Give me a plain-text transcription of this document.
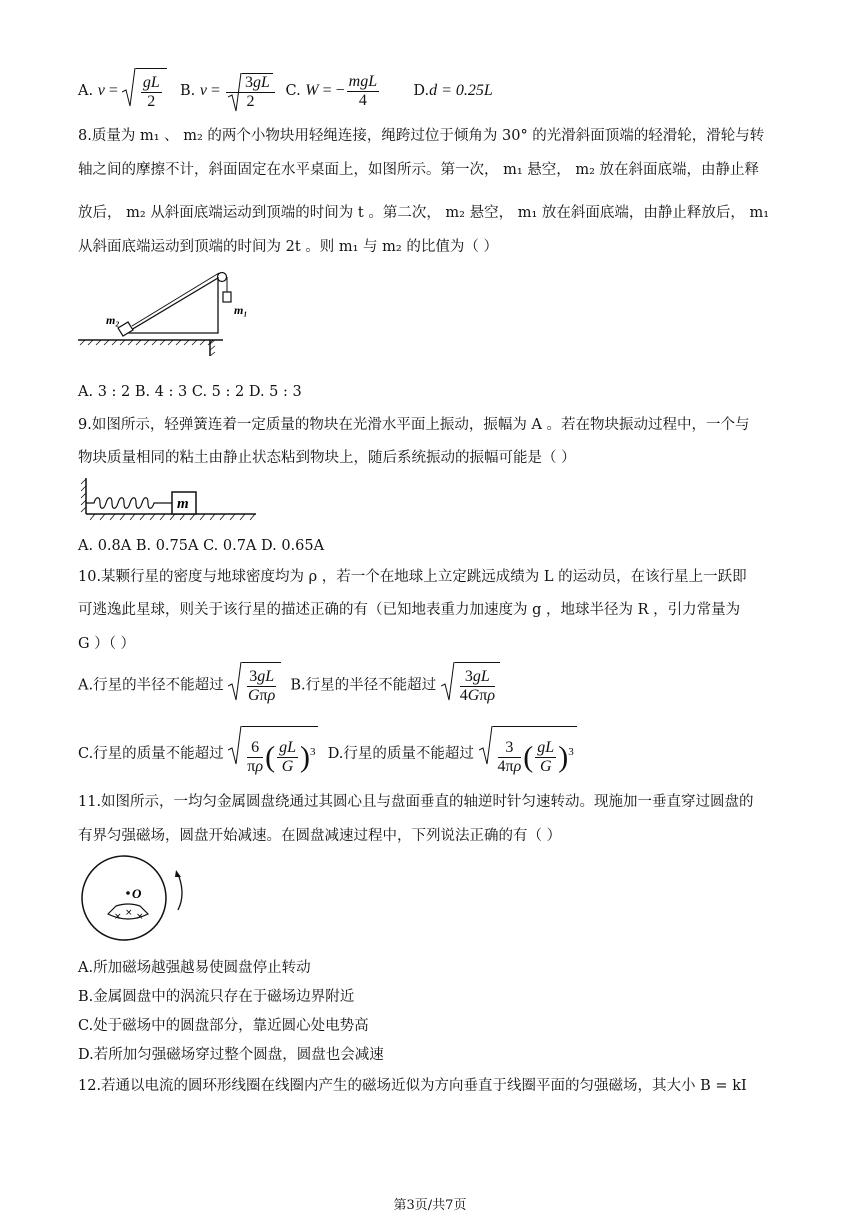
A. $v = \frac{gL}{2} B$. $v = \frac{3gL}{2} C$. W = − $\frac{\text{mgL}}{4} D.d = 0.25L$
8.质量为 m₁ 、 m₂ 的两个小物块用轻绳连接，绳跨过位于倾角为 30° 的光滑斜面顶端的轻滑轮，滑轮与转
轴之间的摩擦不计，斜面固定在水平桌面上，如图所示。第一次， m₁ 悬空， m₂ 放在斜面底端，由静止释
放后， m₂ 从斜面底端运动到顶端的时间为 t 。第二次， m₂ 悬空， m₁ 放在斜面底端，由静止释放后， m₁
从斜面底端运动到顶端的时间为 2t 。则 m₁ 与 m₂ 的比值为（ ）
m₂
m₁
A. 3 : 2 B. 4 : 3 C. 5 : 2 D. 5 : 3
9.如图所示，轻弹簧连着一定质量的物块在光滑水平面上振动，振幅为 A 。若在物块振动过程中，一个与
物块质量相同的粘土由静止状态粘到物块上，随后系统振动的振幅可能是（ ）
m
A. 0.8A B. 0.75A C. 0.7A D. 0.65A
10.某颗行星的密度与地球密度均为 ρ ，若一个在地球上立定跳远成绩为 L 的运动员，在该行星上一跃即
可逃逸此星球，则关于该行星的描述正确的有（已知地表重力加速度为 g ，地球半径为 R ，引力常量为
G ）（ ）
A.行星的半径不能超过 $\frac{3gL}{\text{Gπρ}} B$.行星的半径不能超过 $\frac{3gL}{\text{4Gπρ}}$
C.行星的质量不能超过 $\frac{6}{\pi\rho}$ ( $\frac{gL}{G} )^3$ D.行星的质量不能超过 $\frac{3}{4\pi\rho}$ ( $\frac{gL}{G} )^3$
11.如图所示，一均匀金属圆盘绕通过其圆心且与盘面垂直的轴逆时针匀速转动。现施加一垂直穿过圆盘的
有界匀强磁场，圆盘开始减速。在圆盘减速过程中，下列说法正确的有（ ）
O
× × ×
A.所加磁场越强越易使圆盘停止转动
B.金属圆盘中的涡流只存在于磁场边界附近
C.处于磁场中的圆盘部分，靠近圆心处电势高
D.若所加匀强磁场穿过整个圆盘，圆盘也会减速
12.若通以电流的圆环形线圈在线圈内产生的磁场近似为方向垂直于线圈平面的匀强磁场，其大小 B = kI
第3页/共7页
